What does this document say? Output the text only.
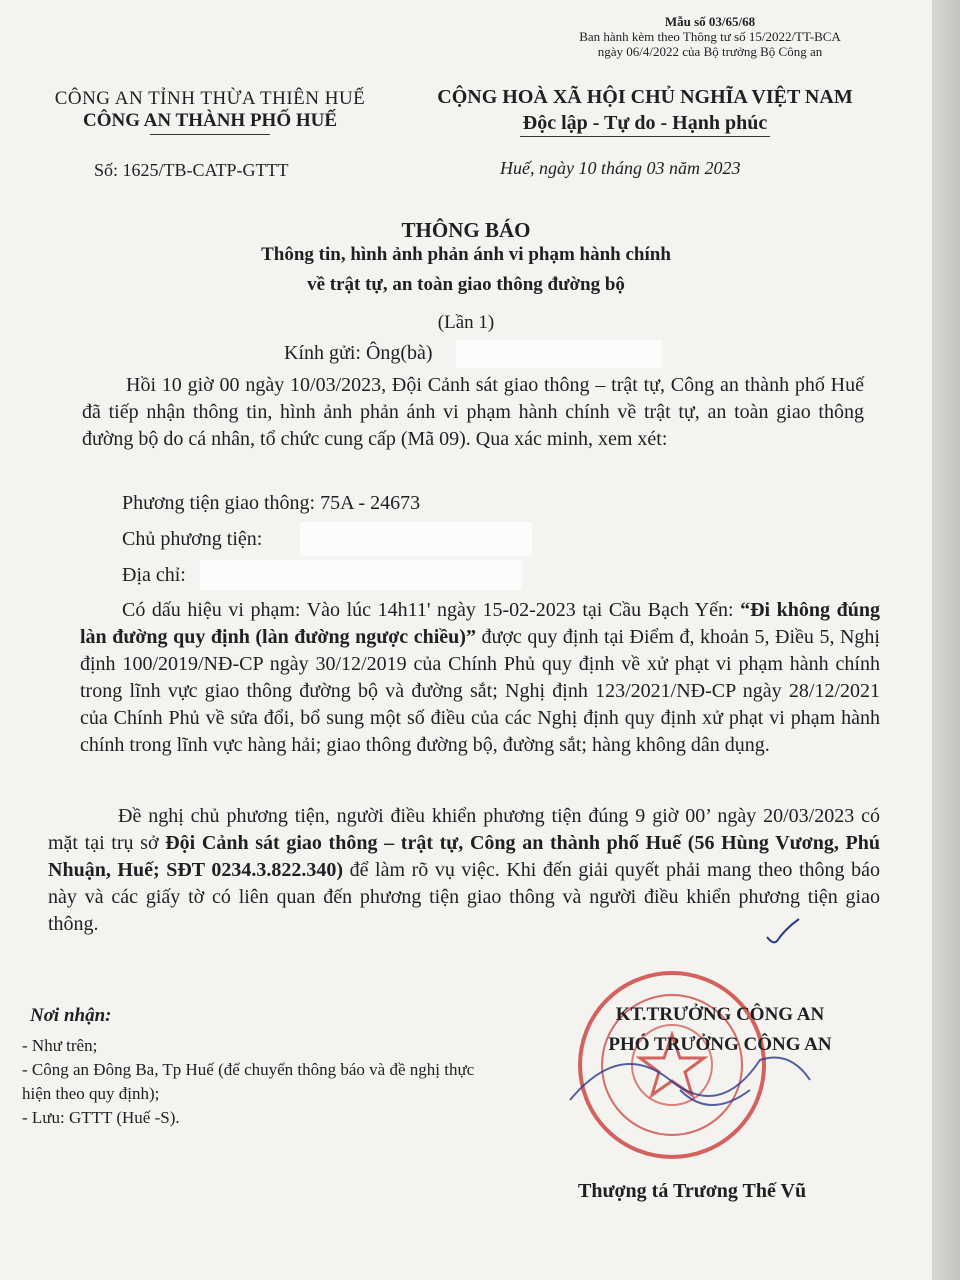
Mẫu số 03/65/68
Ban hành kèm theo Thông tư số 15/2022/TT-BCA
ngày 06/4/2022 của Bộ trưởng Bộ Công an
CÔNG AN TỈNH THỪA THIÊN HUẾ
CÔNG AN THÀNH PHỐ HUẾ
CỘNG HOÀ XÃ HỘI CHỦ NGHĨA VIỆT NAM
Độc lập - Tự do - Hạnh phúc
Số: 1625/TB-CATP-GTTT	Huế, ngày 10 tháng 03 năm 2023
THÔNG BÁO
Thông tin, hình ảnh phản ánh vi phạm hành chính
về trật tự, an toàn giao thông đường bộ
(Lần 1)
Kính gửi: Ông(bà)
Hồi 10 giờ 00 ngày 10/03/2023, Đội Cảnh sát giao thông – trật tự, Công an thành phố Huế đã tiếp nhận thông tin, hình ảnh phản ánh vi phạm hành chính về trật tự, an toàn giao thông đường bộ do cá nhân, tổ chức cung cấp (Mã 09). Qua xác minh, xem xét:
Phương tiện giao thông: 75A - 24673
Chủ phương tiện:
Địa chỉ:
Có dấu hiệu vi phạm: Vào lúc 14h11' ngày 15-02-2023 tại Cầu Bạch Yến: “Đi không đúng làn đường quy định (làn đường ngược chiều)” được quy định tại Điểm đ, khoản 5, Điều 5, Nghị định 100/2019/NĐ-CP ngày 30/12/2019 của Chính Phủ quy định về xử phạt vi phạm hành chính trong lĩnh vực giao thông đường bộ và đường sắt; Nghị định 123/2021/NĐ-CP ngày 28/12/2021 của Chính Phủ về sửa đổi, bổ sung một số điều của các Nghị định quy định xử phạt vi phạm hành chính trong lĩnh vực hàng hải; giao thông đường bộ, đường sắt; hàng không dân dụng.
Đề nghị chủ phương tiện, người điều khiển phương tiện đúng 9 giờ 00’ ngày 20/03/2023 có mặt tại trụ sở Đội Cảnh sát giao thông – trật tự, Công an thành phố Huế (56 Hùng Vương, Phú Nhuận, Huế; SĐT 0234.3.822.340) để làm rõ vụ việc. Khi đến giải quyết phải mang theo thông báo này và các giấy tờ có liên quan đến phương tiện giao thông và người điều khiển phương tiện giao thông.
Nơi nhận:
- Như trên;
- Công an Đông Ba, Tp Huế (để chuyển thông báo và đề nghị thực hiện theo quy định);
- Lưu: GTTT (Huế -S).
KT.TRƯỞNG CÔNG AN
PHÓ TRƯỞNG CÔNG AN
Thượng tá Trương Thế Vũ
